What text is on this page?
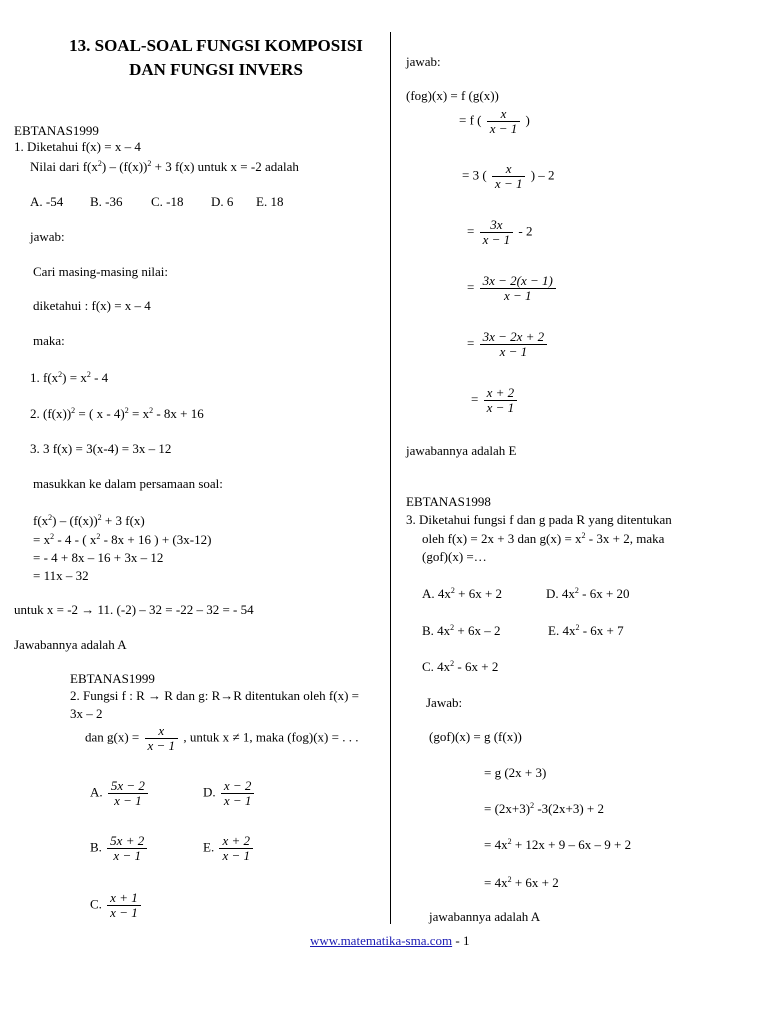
13. SOAL-SOAL FUNGSI KOMPOSISI
DAN FUNGSI INVERS
EBTANAS1999
1. Diketahui f(x) = x – 4
Nilai dari $f(x^2) - (f(x))^2 + 3$ f(x) untuk x = -2 adalah
A. -54 B. -36 C. -18 D. 6 E. 18
jawab:
Cari masing-masing nilai:
diketahui : f(x) = x – 4
maka:
1. $f(x^2) = x^2 - 4$
2. $(f(x))^2$ = ( $x - 4)^2 = x^2 - 8x + 16$
3. 3 f(x) = 3(x-4) = 3x – 12
masukkan ke dalam persamaan soal:
$f(x^2) - (f(x))^2 + 3$ f(x)
= $x^2 - 4$ - ( $x^2 - 8x + 16$ ) + (3x-12)
= - 4 + 8x – 16 + 3x – 12
= 11x – 32
untuk x = -2 → 11. (-2) – 32 = -22 – 32 = - 54
Jawabannya adalah A
EBTANAS1999
2. Fungsi f : R → R dan g: R→R ditentukan oleh f(x) =
3x – 2
dan $g(x) = \frac{x}{x - 1}$ , untuk x ≠ 1, maka (fog)(x) = . . .
A. $\frac{5x - 2}{x - 1}$	D. $\frac{x - 2}{x - 1}$
B. $\frac{5x + 2}{x - 1}$	E. $\frac{x + 2}{x - 1}$
C. $\frac{x + 1}{x - 1}$
jawab:
(fog)(x) = f (g(x))
= f ( $\frac{x}{x - 1}$ )
= 3 ( $\frac{x}{x - 1}$ ) – 2
= $\frac{3x}{x - 1} - 2$
= $\frac{3x - 2(x - 1)}{x - 1}$
= $\frac{3x - 2x + 2}{x - 1}$
= $\frac{x + 2}{x - 1}$
jawabannya adalah E
EBTANAS1998
3. Diketahui fungsi f dan g pada R yang ditentukan
oleh f(x) = 2x + 3 dan $g(x) = x^2 - 3x + 2$, maka
(gof)(x) =…
A. $4x^2 + 6x + 2$	D. $4x^2 - 6x + 20$
B. $4x^2 + 6x - 2$	E. $4x^2 - 6x + 7$
C. $4x^2 - 6x + 2$
Jawab:
(gof)(x) = g (f(x))
= g (2x + 3)
= $(2x+3)^2$ -3(2x+3) + 2
= $4x^2 + 12x + 9 - 6x - 9 + 2$
= $4x^2 + 6x + 2$
jawabannya adalah A
www.matematika-sma.com - 1
